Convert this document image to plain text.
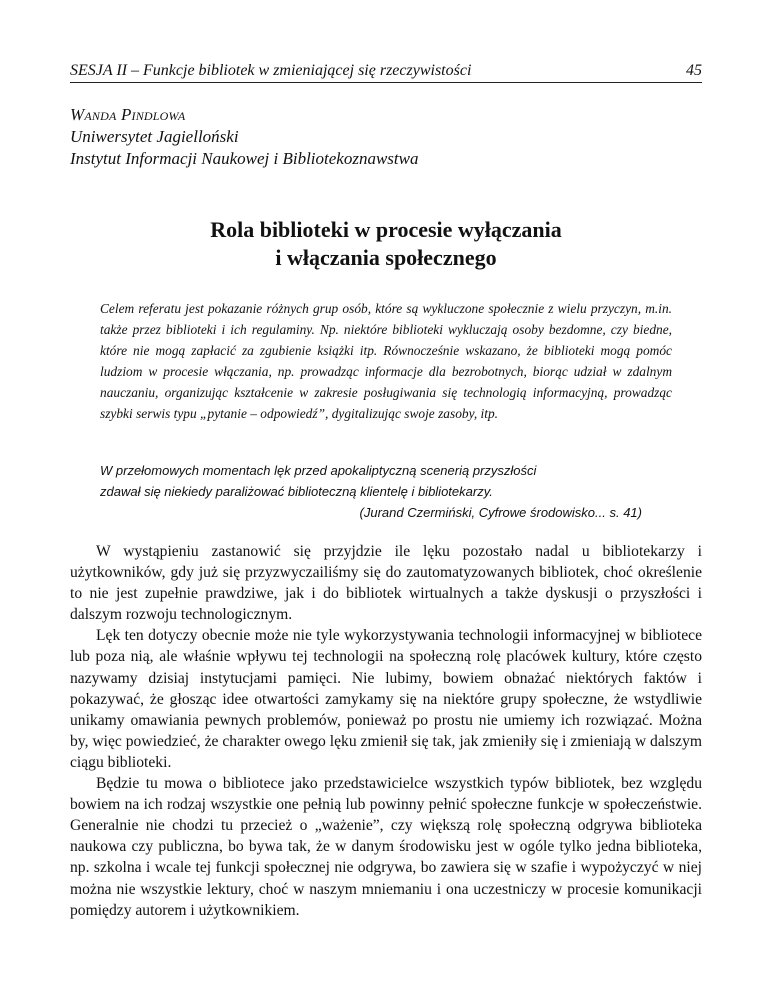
SESJA II – Funkcje bibliotek w zmieniającej się rzeczywistości	45
Wanda Pindlowa
Uniwersytet Jagielloński
Instytut Informacji Naukowej i Bibliotekoznawstwa
Rola biblioteki w procesie wyłączania
i włączania społecznego
Celem referatu jest pokazanie różnych grup osób, które są wykluczone społecznie z wielu przyczyn, m.in. także przez biblioteki i ich regulaminy. Np. niektóre biblioteki wykluczają osoby bezdomne, czy biedne, które nie mogą zapłacić za zgubienie książki itp. Równocześnie wskazano, że biblioteki mogą pomóc ludziom w procesie włączania, np. prowadząc informacje dla bezrobotnych, biorąc udział w zdalnym nauczaniu, organizując kształcenie w zakresie posługiwania się technologią informacyjną, prowadząc szybki serwis typu „pytanie – odpowiedź”, dygitalizując swoje zasoby, itp.
W przełomowych momentach lęk przed apokaliptyczną scenerią przyszłości
zdawał się niekiedy paraliżować biblioteczną klientelę i bibliotekarzy.
(Jurand Czermiński, Cyfrowe środowisko... s. 41)

W wystąpieniu zastanowić się przyjdzie ile lęku pozostało nadal u bibliotekarzy i użytkowników, gdy już się przyzwyczailiśmy się do zautomatyzowanych bibliotek, choć określenie to nie jest zupełnie prawdziwe, jak i do bibliotek wirtualnych a także dyskusji o przyszłości i dalszym rozwoju technologicznym.

Lęk ten dotyczy obecnie może nie tyle wykorzystywania technologii informacyjnej w bibliotece lub poza nią, ale właśnie wpływu tej technologii na społeczną rolę placówek kultury, które często nazywamy dzisiaj instytucjami pamięci. Nie lubimy, bowiem obnażać niektórych faktów i pokazywać, że głosząc idee otwartości zamykamy się na niektóre grupy społeczne, że wstydliwie unikamy omawiania pewnych problemów, ponieważ po prostu nie umiemy ich rozwiązać. Można by, więc powiedzieć, że charakter owego lęku zmienił się tak, jak zmieniły się i zmieniają w dalszym ciągu biblioteki.

Będzie tu mowa o bibliotece jako przedstawicielce wszystkich typów bibliotek, bez względu bowiem na ich rodzaj wszystkie one pełnią lub powinny pełnić społeczne funkcje w społeczeństwie. Generalnie nie chodzi tu przecież o „ważenie”, czy większą rolę społeczną odgrywa biblioteka naukowa czy publiczna, bo bywa tak, że w danym środowisku jest w ogóle tylko jedna biblioteka, np. szkolna i wcale tej funkcji społecznej nie odgrywa, bo zawiera się w szafie i wypożyczyć w niej można nie wszystkie lektury, choć w naszym mniemaniu i ona uczestniczy w procesie komunikacji pomiędzy autorem i użytkownikiem.
